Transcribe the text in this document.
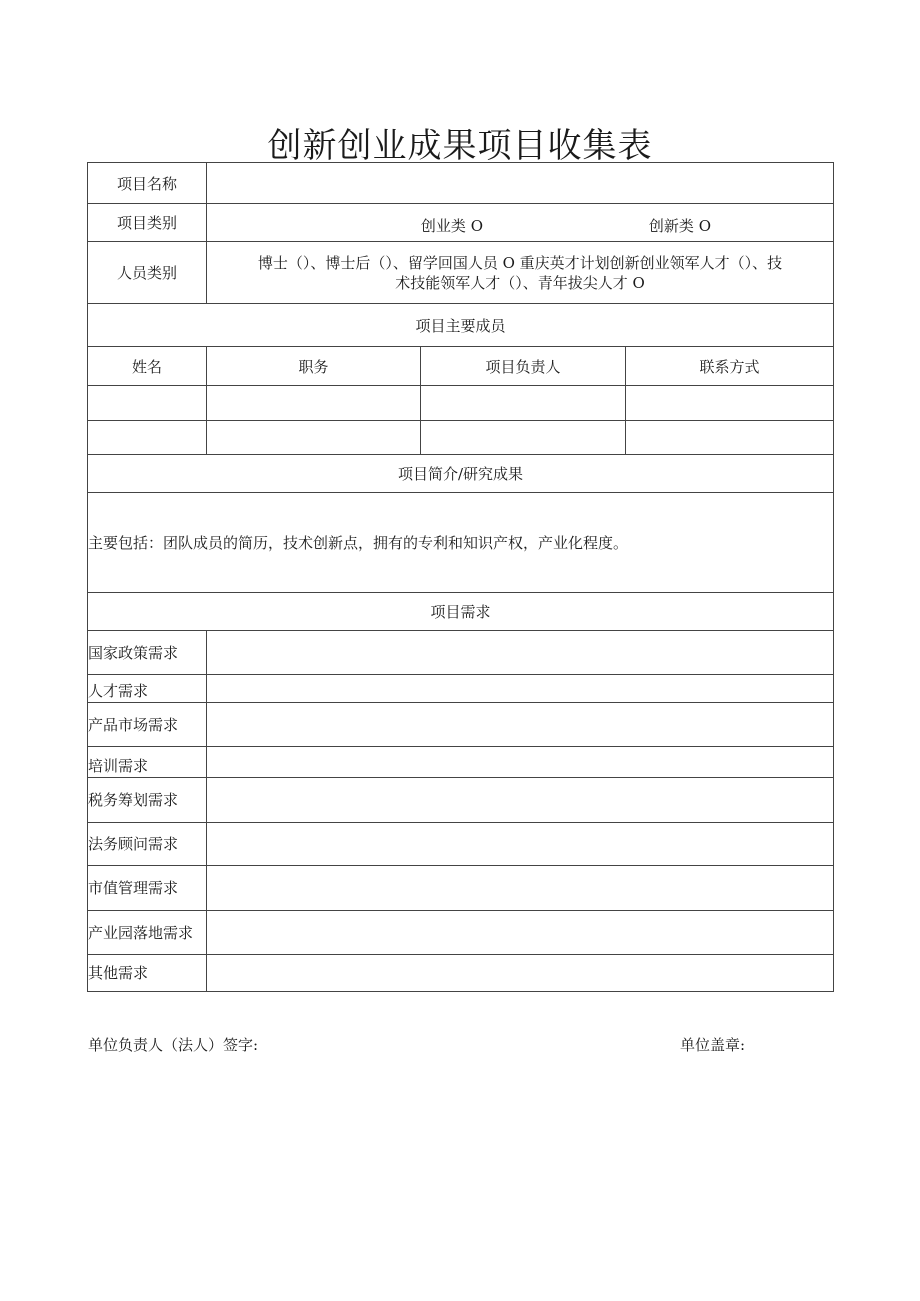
创新创业成果项目收集表
项目名称			
项目类别	创业类 O 创新类 O		

人员类别	博士（）、博士后（）、留学回国人员 O 重庆英才计划创新创业领军人才（）、技
术技能领军人才（）、青年拔尖人才 O		

项目主要成员			
姓名	职务	项目负责人	联系方式

项目简介/研究成果			
主要包括：团队成员的简历，技术创新点，拥有的专利和知识产权，产业化程度。			
项目需求			
国家政策需求			
人才需求			
产品市场需求			
培训需求			
税务筹划需求			
法务顾问需求			
市值管理需求			
产业园落地需求			
其他需求			
单位负责人（法人）签字:	单位盖章:
